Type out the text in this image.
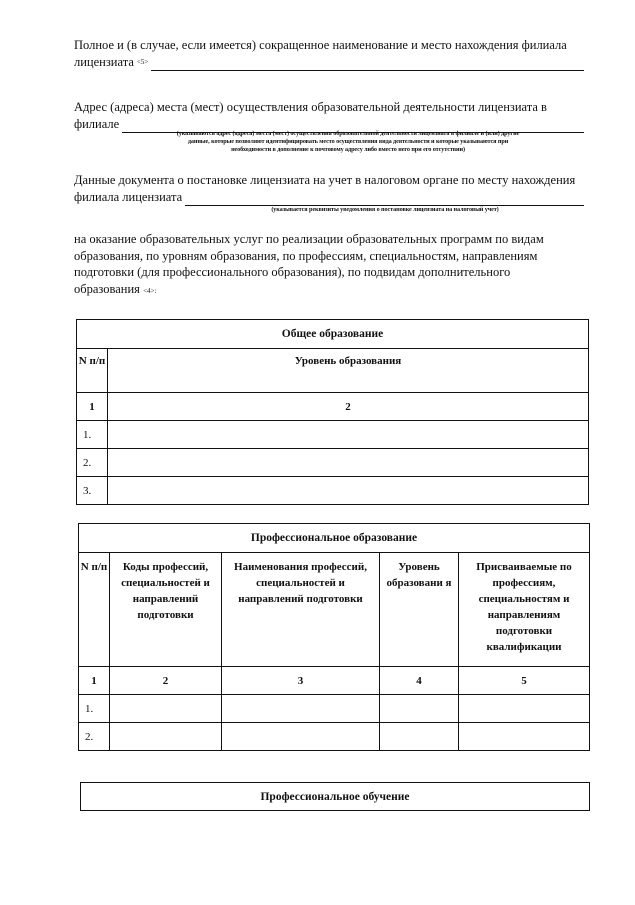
Полное и (в случае, если имеется) сокращенное наименование и место нахождения филиала
лицензиата <5>
Адрес (адреса) места (мест) осуществления образовательной деятельности лицензиата в
филиале
(указываются адрес (адреса) места (мест) осуществления образовательной деятельности лицензиата в филиале и (или) другие
данные, которые позволяют идентифицировать место осуществления вида деятельности и которые указываются при
необходимости в дополнение к почтовому адресу либо вместо него при его отсутствии)
Данные документа о постановке лицензиата на учет в налоговом органе по месту нахождения
филиала лицензиата
(указывается реквизиты уведомления о постановке лицензиата на налоговый учет)
на оказание образовательных услуг по реализации образовательных программ по видам
образования, по уровням образования, по профессиям, специальностям, направлениям
подготовки (для профессионального образования), по подвидам дополнительного
образования <4>:
Общее образование	
N п/п	Уровень образования
1	2
1.	
2.	
3.	
Профессиональное образование				
N п/п	Коды профессий, специальностей и направлений подготовки	Наименования профессий, специальностей и направлений подготовки	Уровень образовани я	Присваиваемые по профессиям, специальностям и направлениям подготовки квалификации
1	2	3	4	5
1.				
2.				
Профессиональное обучение
